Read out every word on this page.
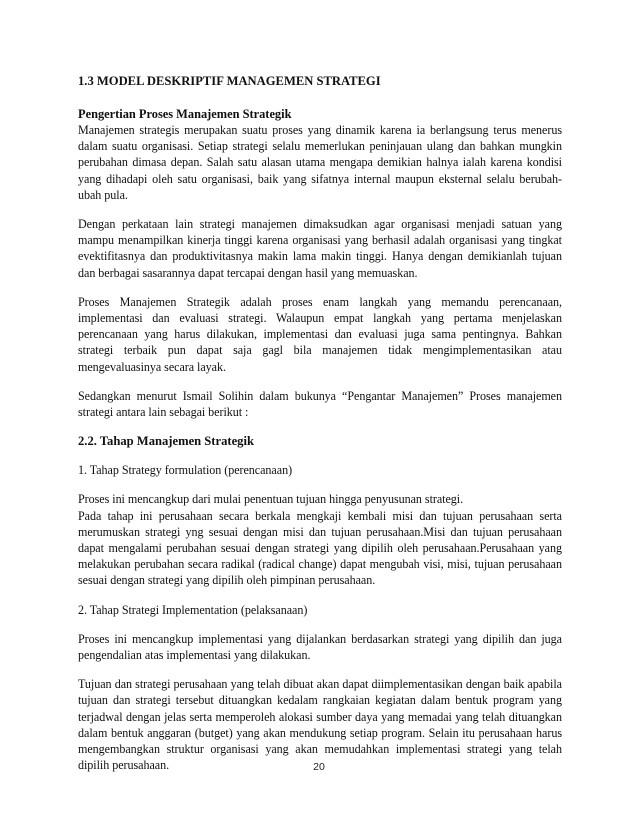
1.3 MODEL DESKRIPTIF MANAGEMEN STRATEGI
Pengertian Proses Manajemen Strategik

Manajemen strategis merupakan suatu proses yang dinamik karena ia berlangsung terus menerus dalam suatu organisasi. Setiap strategi selalu memerlukan peninjauan ulang dan bahkan mungkin perubahan dimasa depan. Salah satu alasan utama mengapa demikian halnya ialah karena kondisi yang dihadapi oleh satu organisasi, baik yang sifatnya internal maupun eksternal selalu berubah-ubah pula.

Dengan perkataan lain strategi manajemen dimaksudkan agar organisasi menjadi satuan yang mampu menampilkan kinerja tinggi karena organisasi yang berhasil adalah organisasi yang tingkat evektifitasnya dan produktivitasnya makin lama makin tinggi. Hanya dengan demikianlah tujuan dan berbagai sasarannya dapat tercapai dengan hasil yang memuaskan.

Proses Manajemen Strategik adalah proses enam langkah yang memandu perencanaan, implementasi dan evaluasi strategi. Walaupun empat langkah yang pertama menjelaskan perencanaan yang harus dilakukan, implementasi dan evaluasi juga sama pentingnya. Bahkan strategi terbaik pun dapat saja gagl bila manajemen tidak mengimplementasikan atau mengevaluasinya secara layak.

Sedangkan menurut Ismail Solihin dalam bukunya “Pengantar Manajemen” Proses manajemen strategi antara lain sebagai berikut :

2.2. Tahap Manajemen Strategik

1. Tahap Strategy formulation (perencanaan)

Proses ini mencangkup dari mulai penentuan tujuan hingga penyusunan strategi.

Pada tahap ini perusahaan secara berkala mengkaji kembali misi dan tujuan perusahaan serta merumuskan strategi yng sesuai dengan misi dan tujuan perusahaan.Misi dan tujuan perusahaan dapat mengalami perubahan sesuai dengan strategi yang dipilih oleh perusahaan.Perusahaan yang melakukan perubahan secara radikal (radical change) dapat mengubah visi, misi, tujuan perusahaan sesuai dengan strategi yang dipilih oleh pimpinan perusahaan.

2. Tahap Strategi Implementation (pelaksanaan)

Proses ini mencangkup implementasi yang dijalankan berdasarkan strategi yang dipilih dan juga pengendalian atas implementasi yang dilakukan.

Tujuan dan strategi perusahaan yang telah dibuat akan dapat diimplementasikan dengan baik apabila tujuan dan strategi tersebut dituangkan kedalam rangkaian kegiatan dalam bentuk program yang terjadwal dengan jelas serta memperoleh alokasi sumber daya yang memadai yang telah dituangkan dalam bentuk anggaran (butget) yang akan mendukung setiap program. Selain itu perusahaan harus mengembangkan struktur organisasi yang akan memudahkan implementasi strategi yang telah dipilih perusahaan.	20
